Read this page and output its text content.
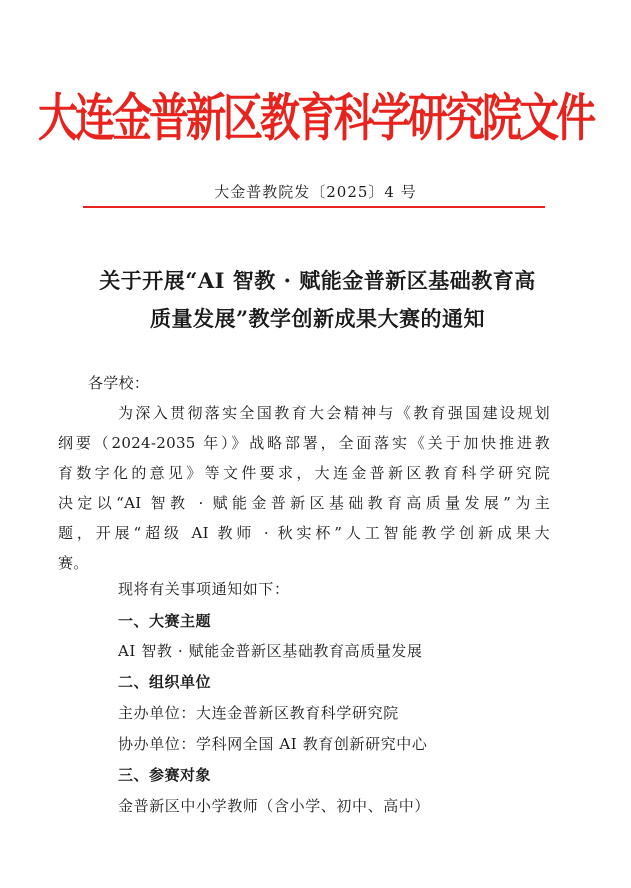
大连金普新区教育科学研究院文件
大金普教院发〔2025〕4 号
关于开展“AI 智教 · 赋能金普新区基础教育高
质量发展”教学创新成果大赛的通知
各学校：
为深入贯彻落实全国教育大会精神与《教育强国建设规划
纲要（2024-2035 年）》战略部署，全面落实《关于加快推进教
育数字化的意见》等文件要求，大连金普新区教育科学研究院
决定以“AI 智教 · 赋能金普新区基础教育高质量发展”为主
题，开展“超级 AI 教师 · 秋实杯”人工智能教学创新成果大
赛。
现将有关事项通知如下：
一、大赛主题
AI 智教 · 赋能金普新区基础教育高质量发展
二、组织单位
主办单位：大连金普新区教育科学研究院
协办单位：学科网全国 AI 教育创新研究中心
三、参赛对象
金普新区中小学教师（含小学、初中、高中）
